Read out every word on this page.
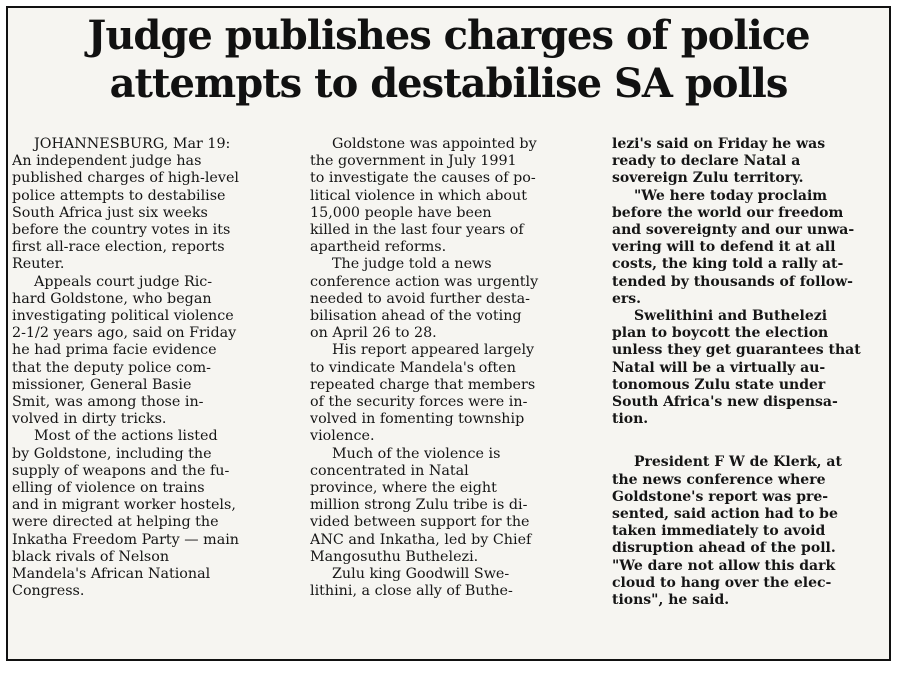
Judge publishes charges of police
attempts to destabilise SA polls

JOHANNESBURG, Mar 19:
An independent judge has
published charges of high-level
police attempts to destabilise
South Africa just six weeks
before the country votes in its
first all-race election, reports
Reuter.

Appeals court judge Ric-
hard Goldstone, who began
investigating political violence
2-1/2 years ago, said on Friday
he had prima facie evidence
that the deputy police com-
missioner, General Basie
Smit, was among those in-
volved in dirty tricks.

Most of the actions listed
by Goldstone, including the
supply of weapons and the fu-
elling of violence on trains
and in migrant worker hostels,
were directed at helping the
Inkatha Freedom Party — main
black rivals of Nelson
Mandela's African National
Congress.

Goldstone was appointed by
the government in July 1991
to investigate the causes of po-
litical violence in which about
15,000 people have been
killed in the last four years of
apartheid reforms.

The judge told a news
conference action was urgently
needed to avoid further desta-
bilisation ahead of the voting
on April 26 to 28.

His report appeared largely
to vindicate Mandela's often
repeated charge that members
of the security forces were in-
volved in fomenting township
violence.

Much of the violence is
concentrated in Natal
province, where the eight
million strong Zulu tribe is di-
vided between support for the
ANC and Inkatha, led by Chief
Mangosuthu Buthelezi.

Zulu king Goodwill Swe-
lithini, a close ally of Buthe-

lezi's said on Friday he was
ready to declare Natal a
sovereign Zulu territory.

"We here today proclaim
before the world our freedom
and sovereignty and our unwa-
vering will to defend it at all
costs, the king told a rally at-
tended by thousands of follow-
ers.

Swelithini and Buthelezi
plan to boycott the election
unless they get guarantees that
Natal will be a virtually au-
tonomous Zulu state under
South Africa's new dispensa-
tion.

President F W de Klerk, at
the news conference where
Goldstone's report was pre-
sented, said action had to be
taken immediately to avoid
disruption ahead of the poll.
"We dare not allow this dark
cloud to hang over the elec-
tions", he said.
